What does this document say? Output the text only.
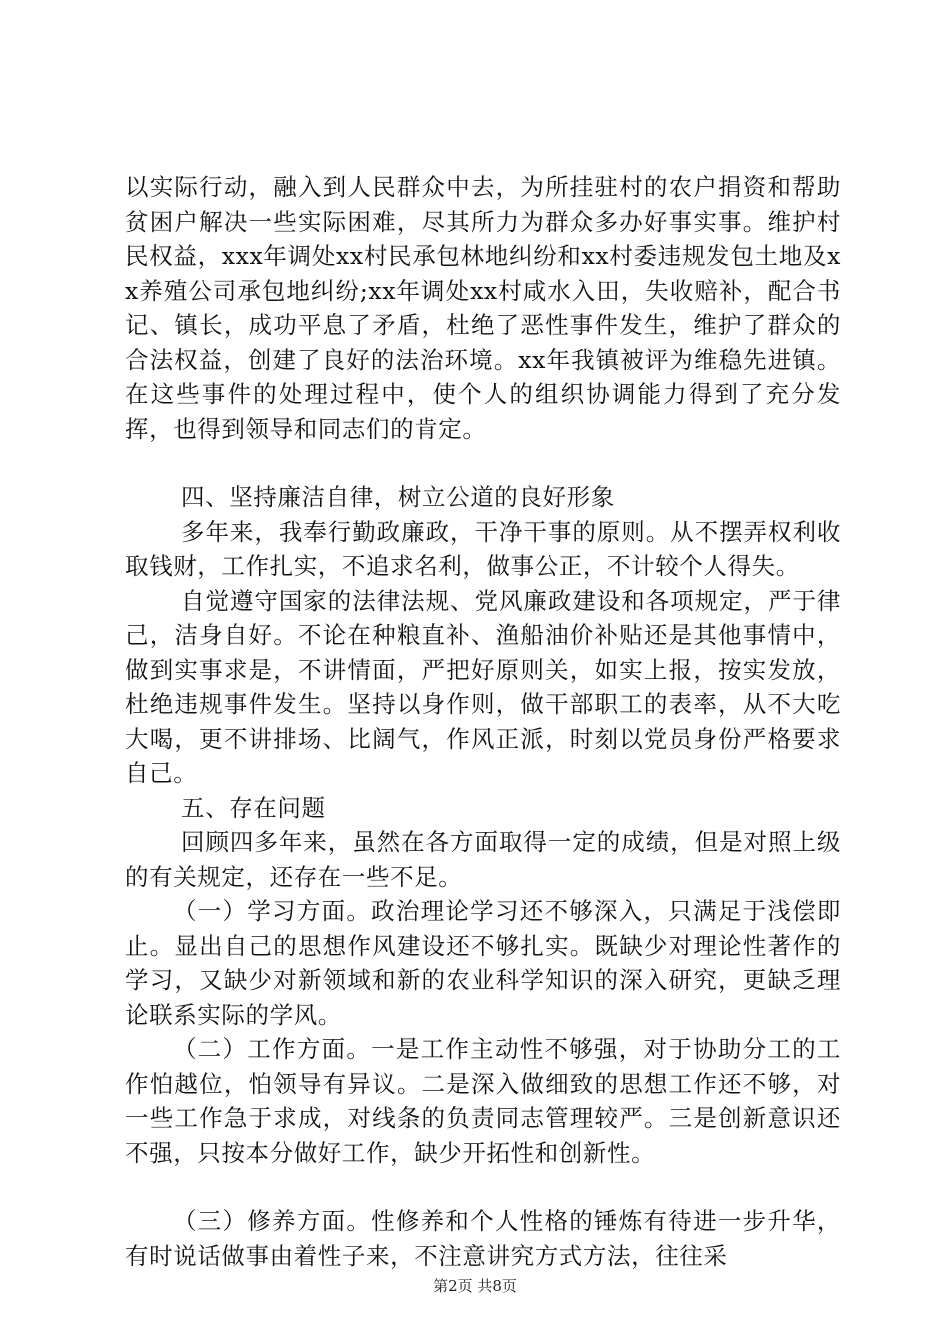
以实际行动，融入到人民群众中去，为所挂驻村的农户捐资和帮助贫困户解决一些实际困难，尽其所力为群众多办好事实事。维护村民权益，xxx年调处xx村民承包林地纠纷和xx村委违规发包土地及xx养殖公司承包地纠纷;xx年调处xx村咸水入田，失收赔补，配合书记、镇长，成功平息了矛盾，杜绝了恶性事件发生，维护了群众的合法权益，创建了良好的法治环境。xx年我镇被评为维稳先进镇。在这些事件的处理过程中，使个人的组织协调能力得到了充分发挥，也得到领导和同志们的肯定。

四、坚持廉洁自律，树立公道的良好形象

多年来，我奉行勤政廉政，干净干事的原则。从不摆弄权利收取钱财，工作扎实，不追求名利，做事公正，不计较个人得失。

自觉遵守国家的法律法规、党风廉政建设和各项规定，严于律己，洁身自好。不论在种粮直补、渔船油价补贴还是其他事情中，做到实事求是，不讲情面，严把好原则关，如实上报，按实发放，杜绝违规事件发生。坚持以身作则，做干部职工的表率，从不大吃大喝，更不讲排场、比阔气，作风正派，时刻以党员身份严格要求自己。

五、存在问题

回顾四多年来，虽然在各方面取得一定的成绩，但是对照上级的有关规定，还存在一些不足。

（一）学习方面。政治理论学习还不够深入，只满足于浅偿即止。显出自己的思想作风建设还不够扎实。既缺少对理论性著作的学习，又缺少对新领域和新的农业科学知识的深入研究，更缺乏理论联系实际的学风。

（二）工作方面。一是工作主动性不够强，对于协助分工的工作怕越位，怕领导有异议。二是深入做细致的思想工作还不够，对一些工作急于求成，对线条的负责同志管理较严。三是创新意识还不强，只按本分做好工作，缺少开拓性和创新性。

（三）修养方面。性修养和个人性格的锤炼有待进一步升华，有时说话做事由着性子来，不注意讲究方式方法，往往采

第2页 共8页
